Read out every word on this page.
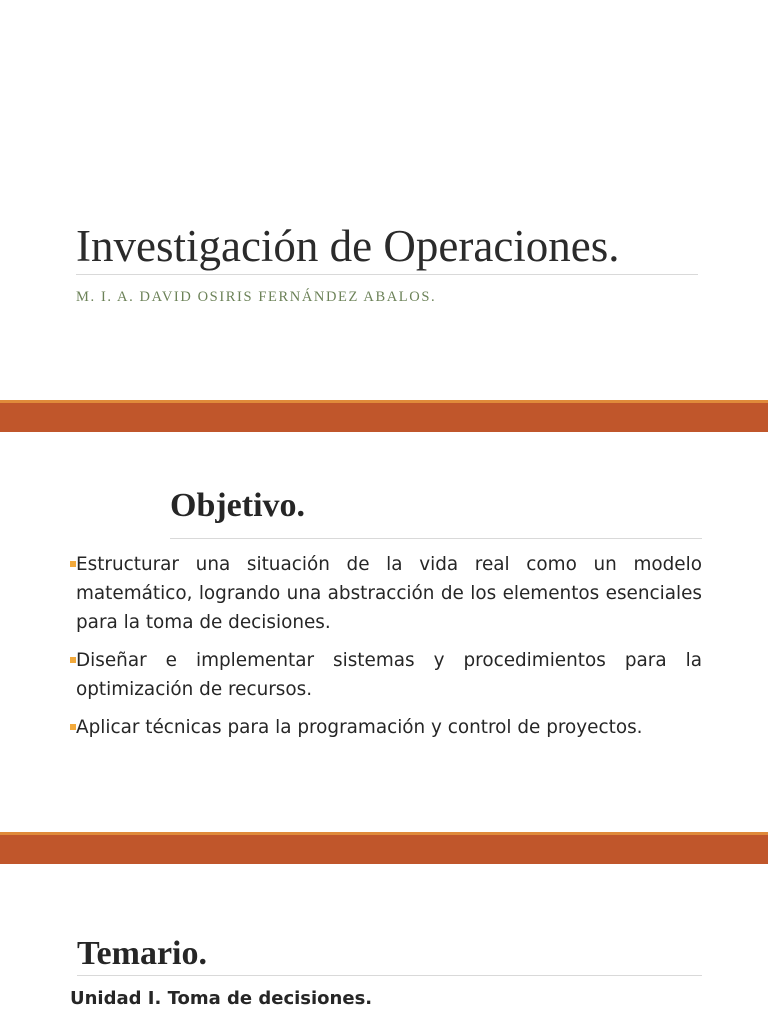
Investigación de Operaciones.
M. I. A. DAVID OSIRIS FERNÁNDEZ ABALOS.
Objetivo.
Estructurar una situación de la vida real como un modelo matemático, logrando una abstracción de los elementos esenciales para la toma de decisiones.
Diseñar e implementar sistemas y procedimientos para la optimización de recursos.
Aplicar técnicas para la programación y control de proyectos.
Temario.
Unidad I. Toma de decisiones.
